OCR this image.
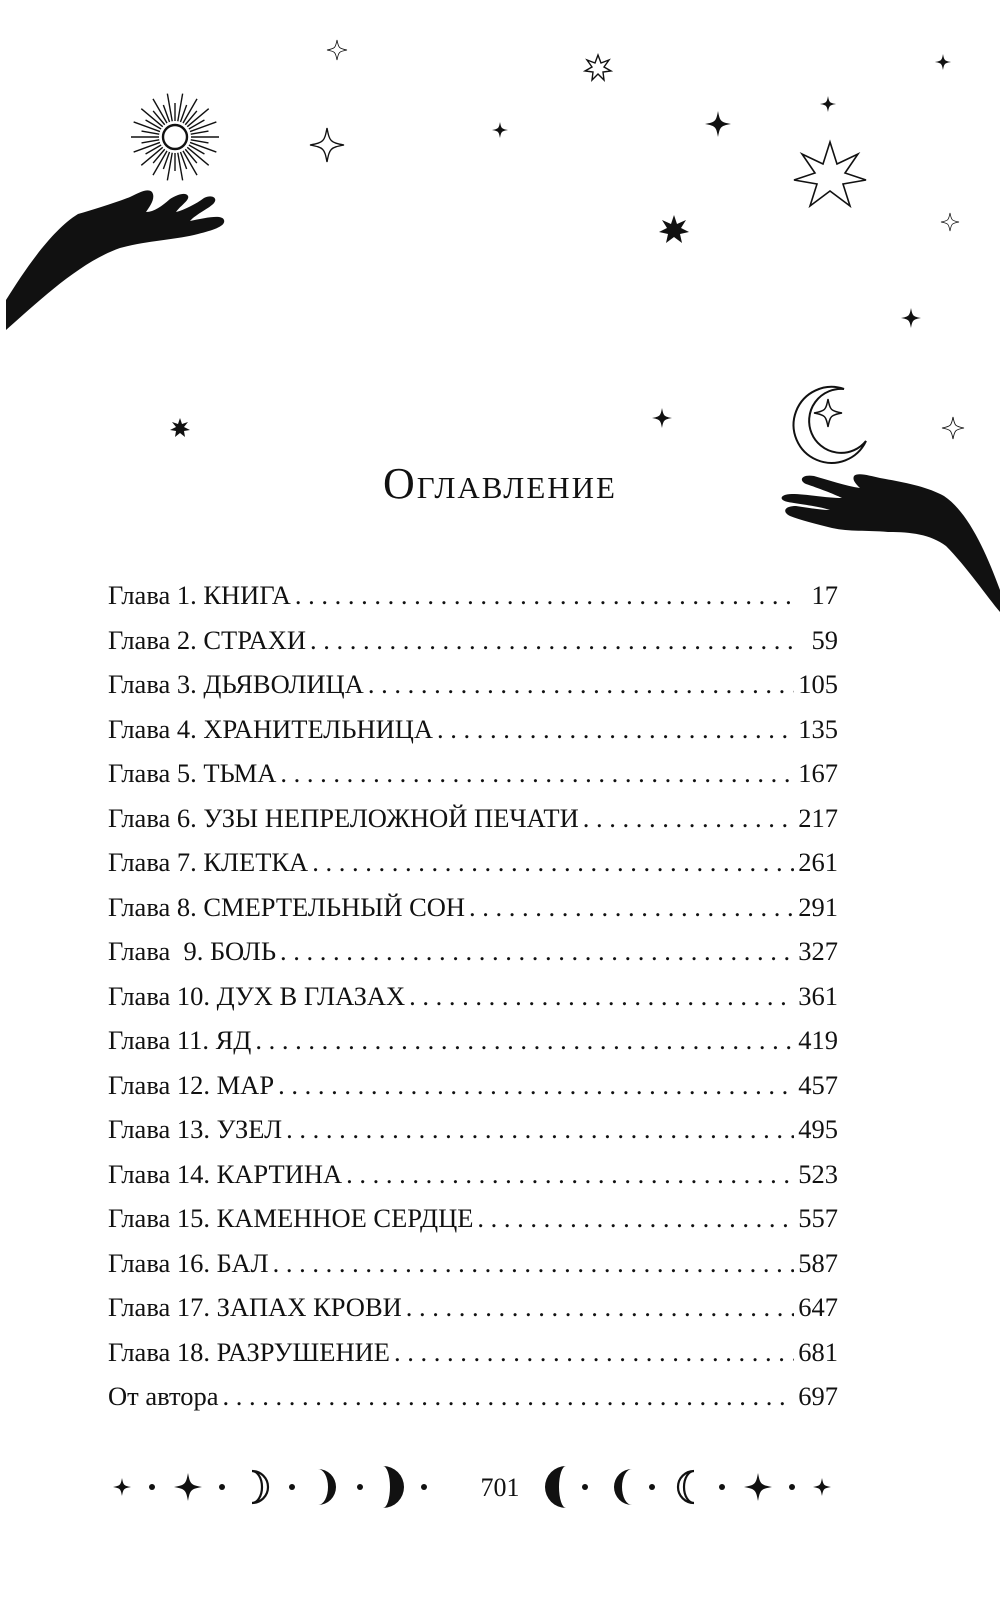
Оглавление
Глава 1. КНИГА . . .	17
Глава 2. СТРАХИ . . .	59
Глава 3. ДЬЯВОЛИЦА . . .	105
Глава 4. ХРАНИТЕЛЬНИЦА . . .	135
Глава 5. ТЬМА . . .	167
Глава 6. УЗЫ НЕПРЕЛОЖНОЙ ПЕЧАТИ . . .	217
Глава 7. КЛЕТКА . . .	261
Глава 8. СМЕРТЕЛЬНЫЙ СОН . . .	291
Глава  9. БОЛЬ . . .	327
Глава 10. ДУХ В ГЛАЗАХ . . .	361
Глава 11. ЯД . . .	419
Глава 12. МАР . . .	457
Глава 13. УЗЕЛ . . .	495
Глава 14. КАРТИНА . . .	523
Глава 15. КАМЕННОЕ СЕРДЦЕ . . .	557
Глава 16. БАЛ . . .	587
Глава 17. ЗАПАХ КРОВИ . . .	647
Глава 18. РАЗРУШЕНИЕ . . .	681
От автора . . .	697
701
